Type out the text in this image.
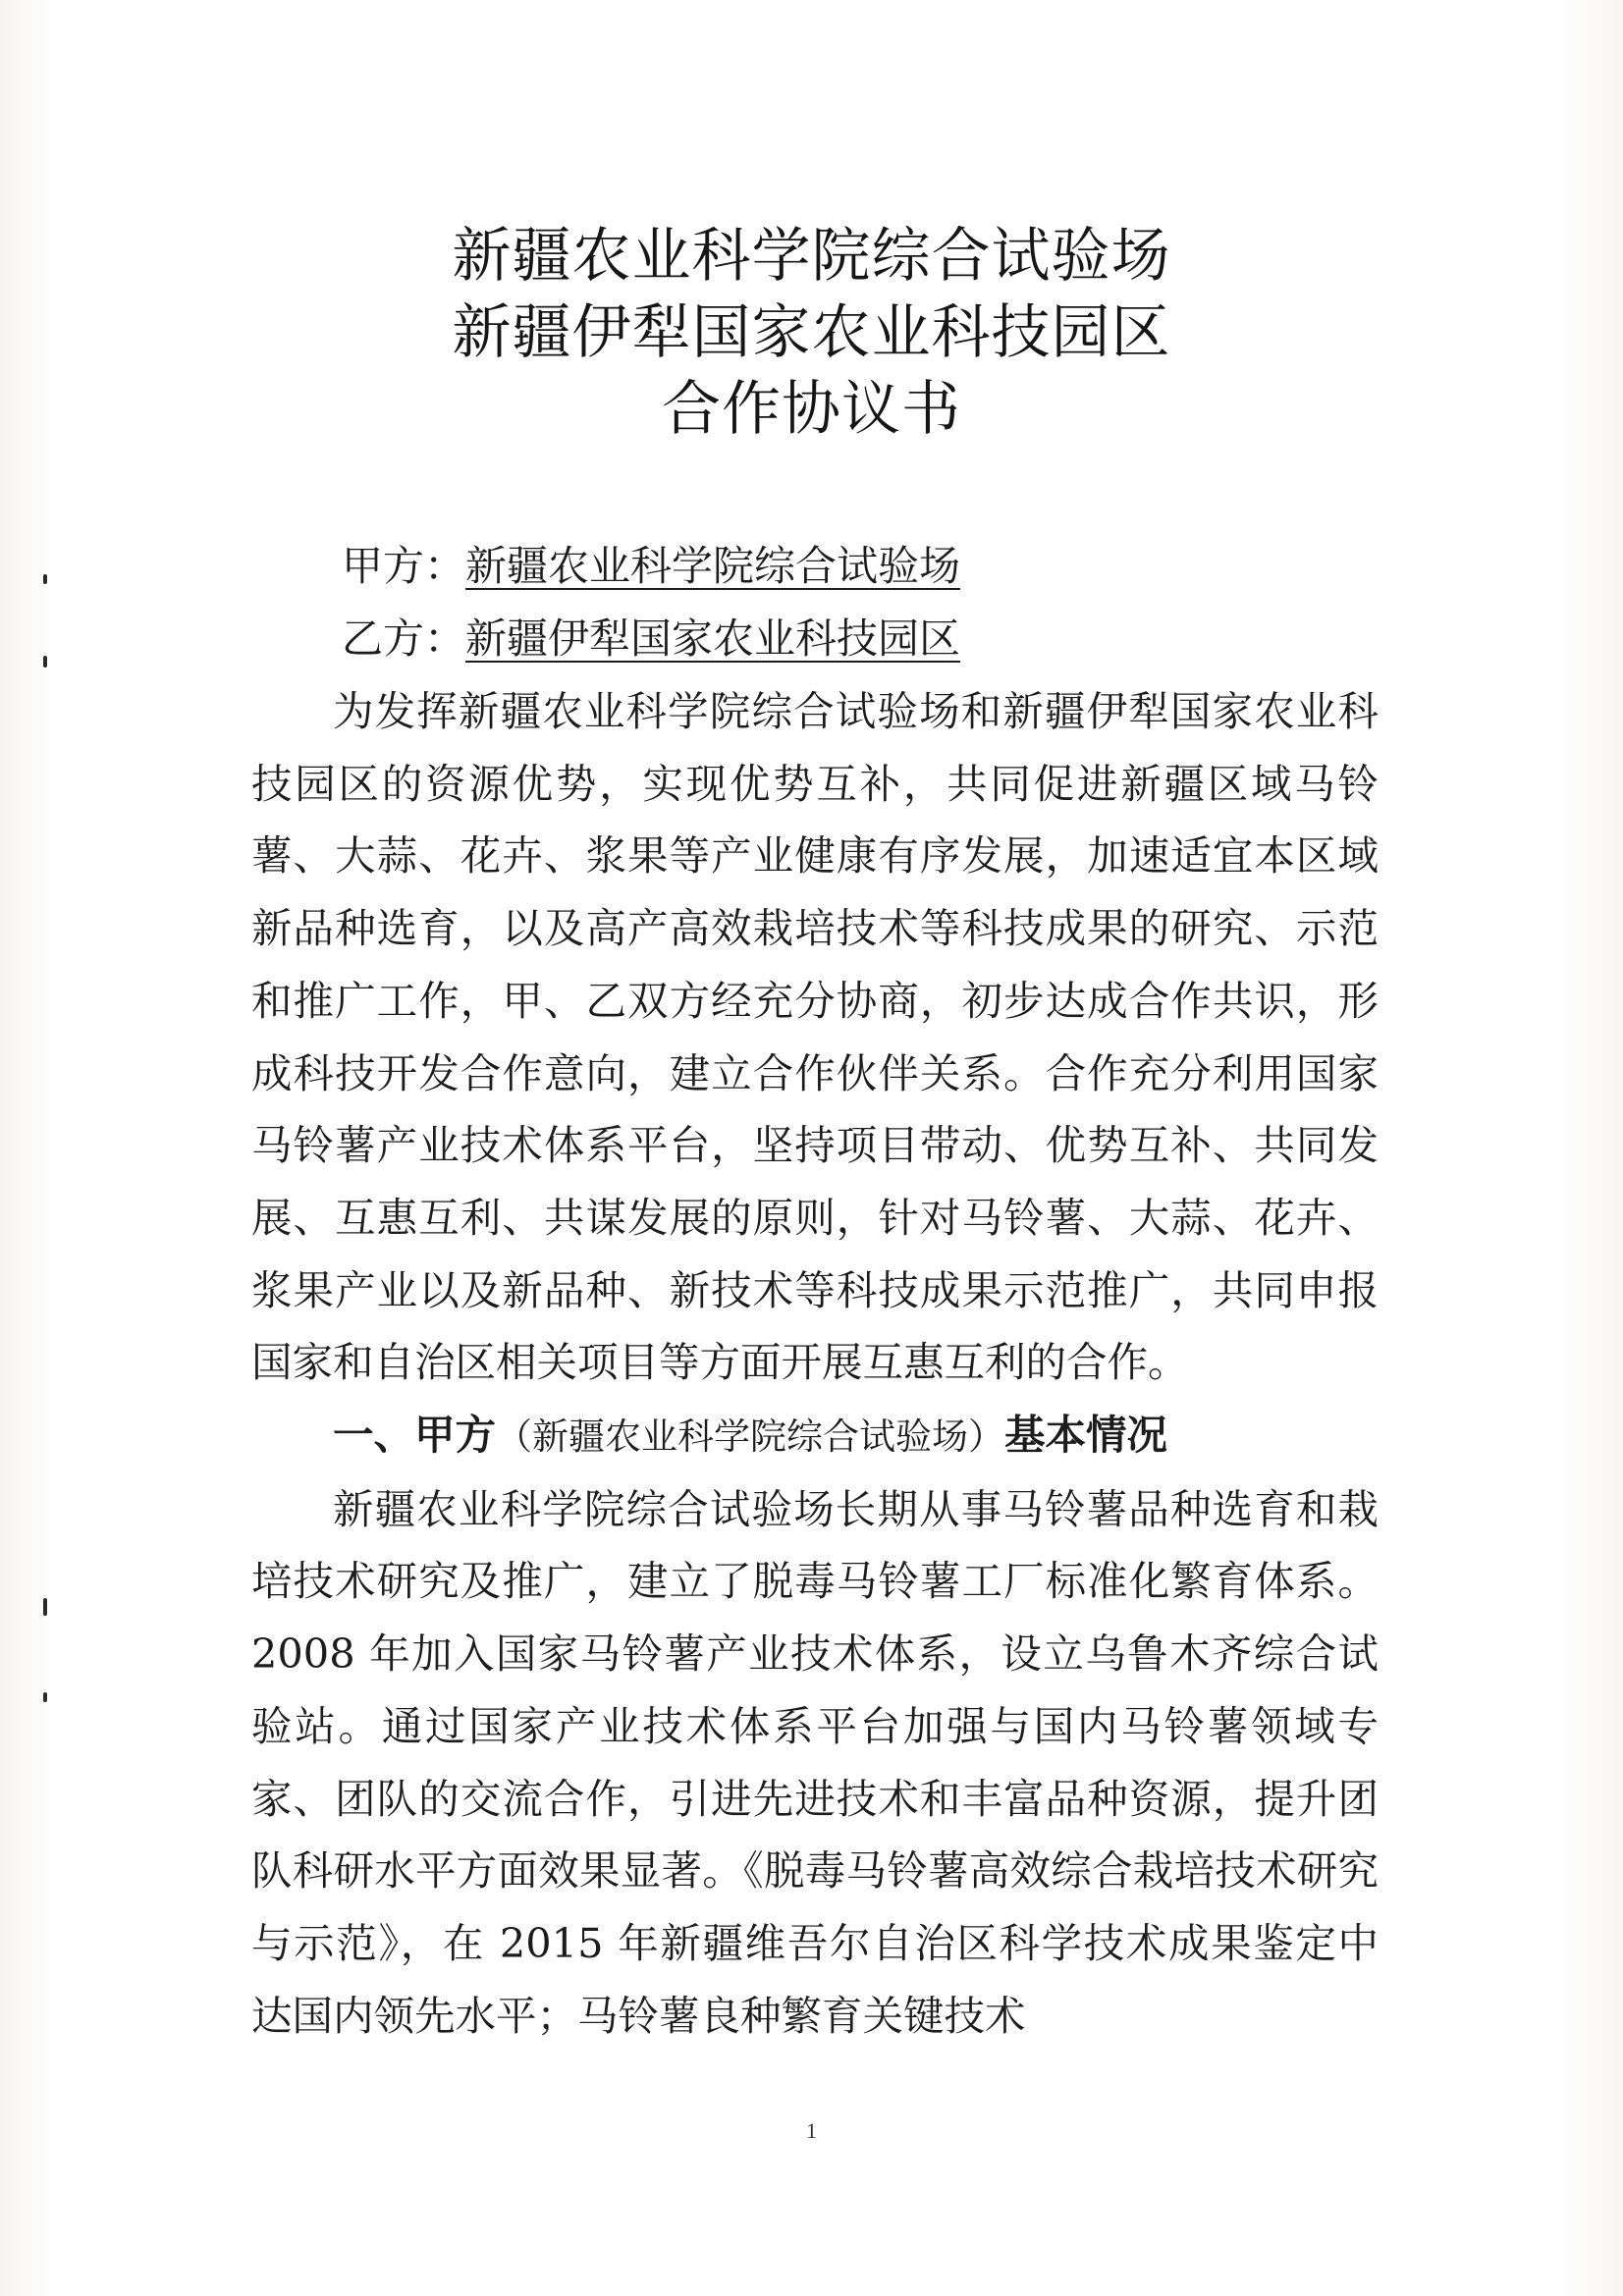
新疆农业科学院综合试验场
新疆伊犁国家农业科技园区
合作协议书
甲方：新疆农业科学院综合试验场
乙方：新疆伊犁国家农业科技园区

为发挥新疆农业科学院综合试验场和新疆伊犁国家农业科技园区的资源优势，实现优势互补，共同促进新疆区域马铃薯、大蒜、花卉、浆果等产业健康有序发展，加速适宜本区域新品种选育，以及高产高效栽培技术等科技成果的研究、示范和推广工作，甲、乙双方经充分协商，初步达成合作共识，形成科技开发合作意向，建立合作伙伴关系。合作充分利用国家马铃薯产业技术体系平台，坚持项目带动、优势互补、共同发展、互惠互利、共谋发展的原则，针对马铃薯、大蒜、花卉、浆果产业以及新品种、新技术等科技成果示范推广，共同申报国家和自治区相关项目等方面开展互惠互利的合作。

一、甲方（新疆农业科学院综合试验场）基本情况

新疆农业科学院综合试验场长期从事马铃薯品种选育和栽培技术研究及推广，建立了脱毒马铃薯工厂标准化繁育体系。2008 年加入国家马铃薯产业技术体系，设立乌鲁木齐综合试验站。通过国家产业技术体系平台加强与国内马铃薯领域专家、团队的交流合作，引进先进技术和丰富品种资源，提升团队科研水平方面效果显著。《脱毒马铃薯高效综合栽培技术研究与示范》，在 2015 年新疆维吾尔自治区科学技术成果鉴定中达国内领先水平；马铃薯良种繁育关键技术

1
